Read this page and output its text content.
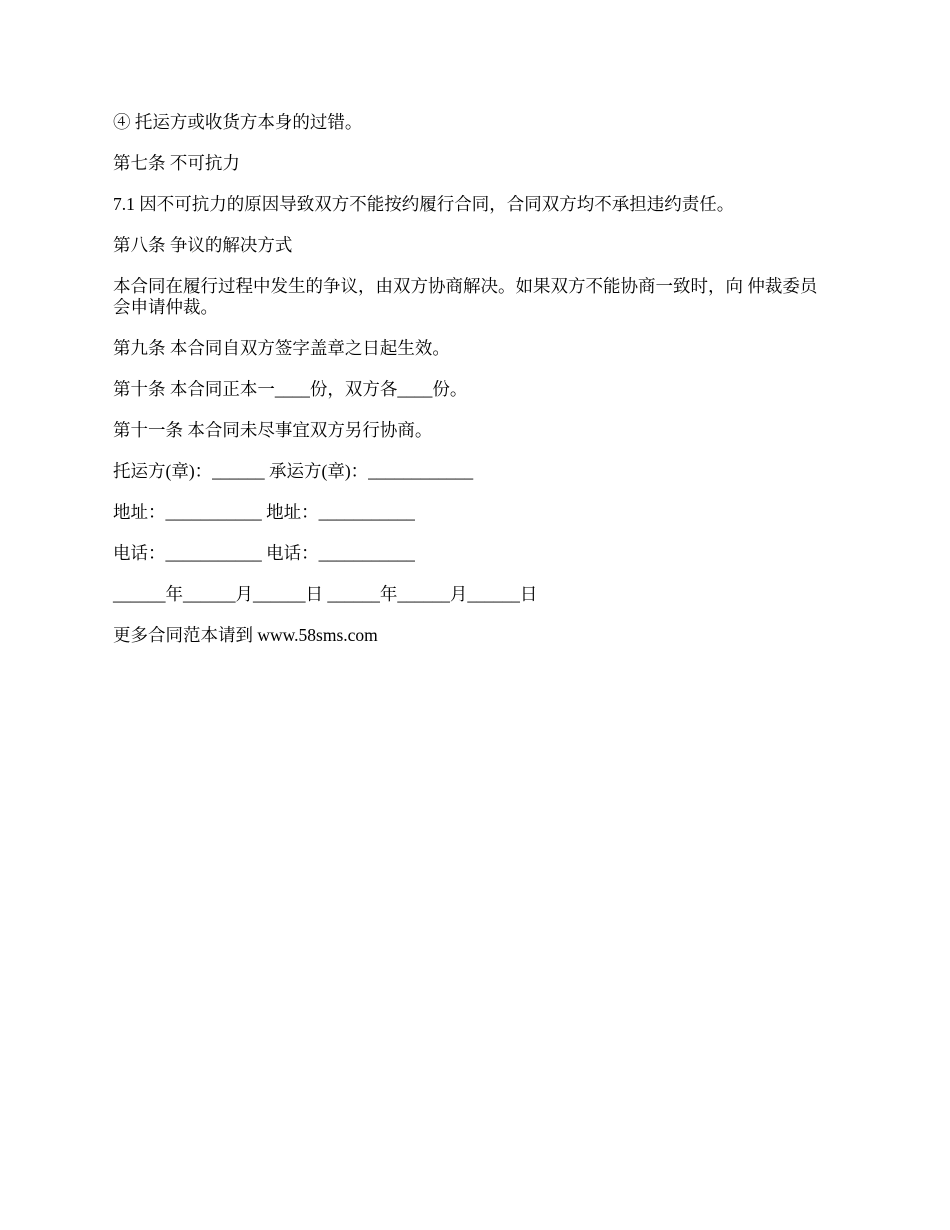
④ 托运方或收货方本身的过错。

第七条 不可抗力

7.1 因不可抗力的原因导致双方不能按约履行合同，合同双方均不承担违约责任。

第八条 争议的解决方式

本合同在履行过程中发生的争议，由双方协商解决。如果双方不能协商一致时，向 仲裁委员会申请仲裁。

第九条 本合同自双方签字盖章之日起生效。

第十条 本合同正本一____份，双方各____份。

第十一条 本合同未尽事宜双方另行协商。

托运方(章)：______ 承运方(章)：____________

地址：___________ 地址：___________

电话：___________ 电话：___________

______年______月______日 ______年______月______日

更多合同范本请到 www.58sms.com
